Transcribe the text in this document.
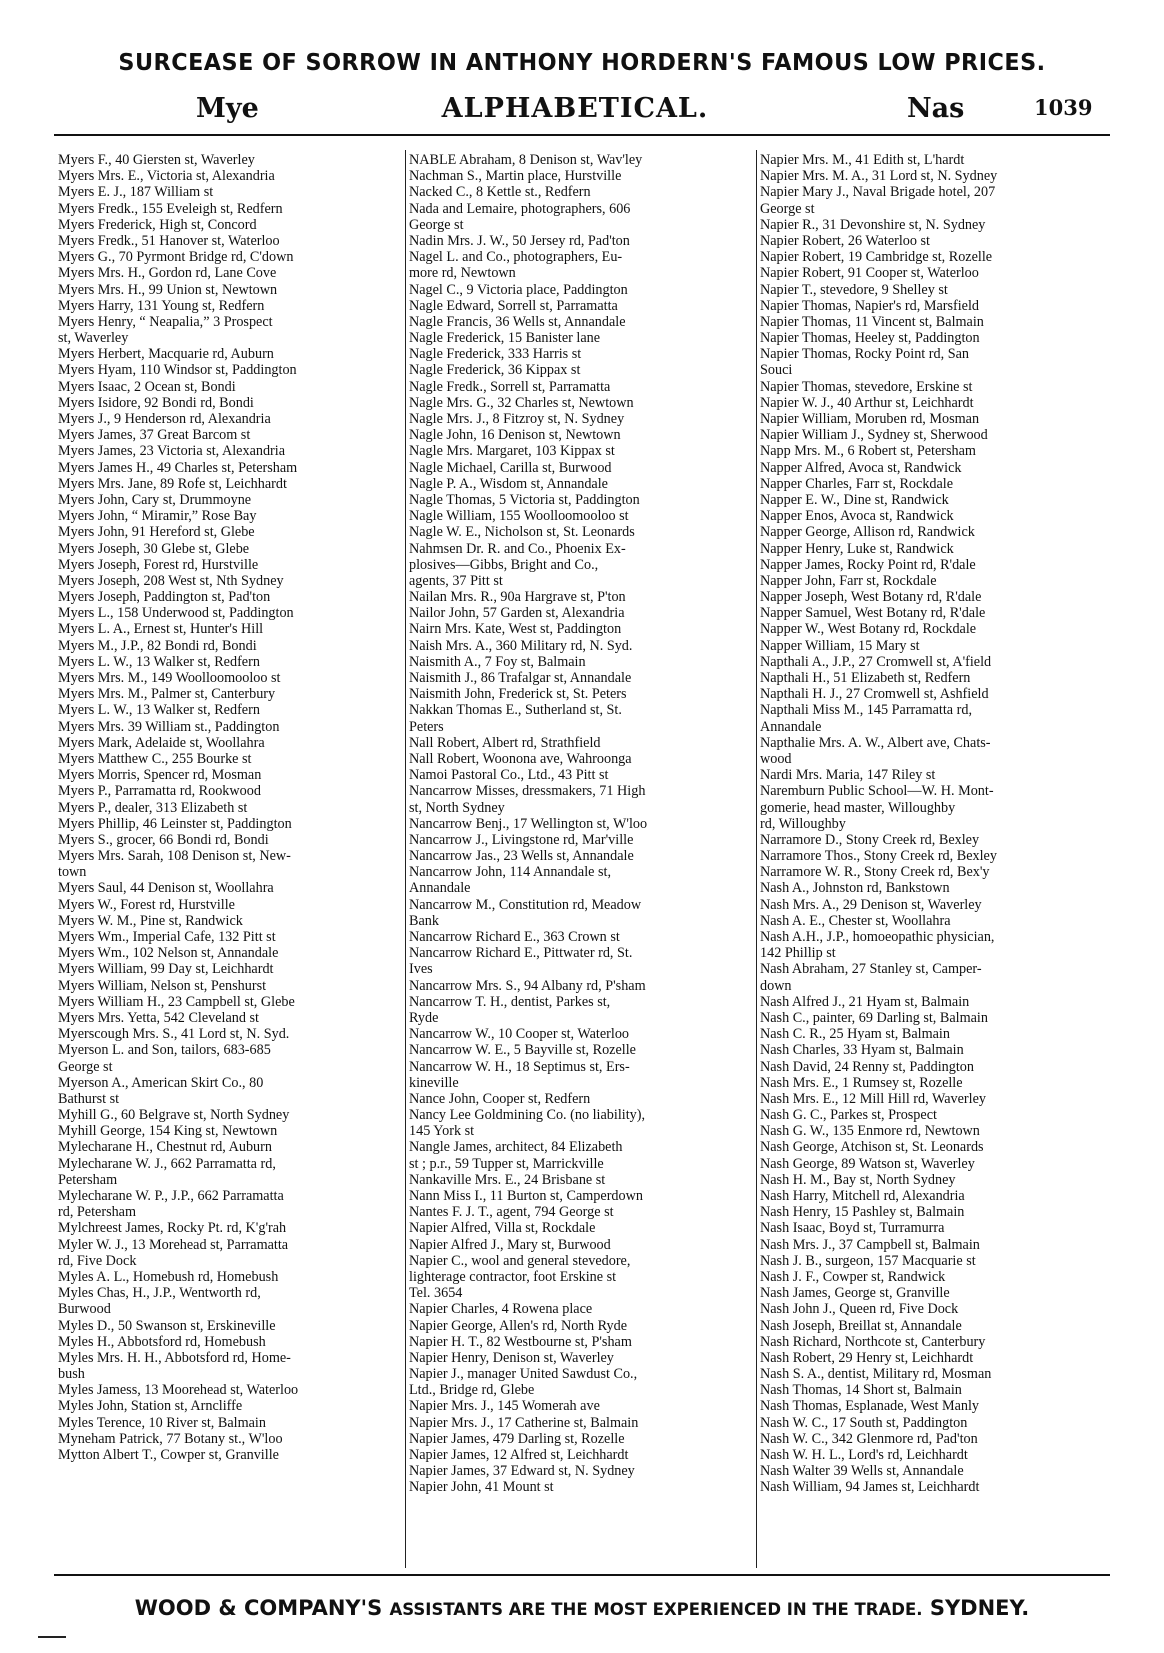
SURCEASE OF SORROW IN ANTHONY HORDERN'S FAMOUS LOW PRICES.
Mye	ALPHABETICAL.	Nas	1039
Myers F., 40 Giersten st, Waverley
Myers Mrs. E., Victoria st, Alexandria
Myers E. J., 187 William st
Myers Fredk., 155 Eveleigh st, Redfern
Myers Frederick, High st, Concord
Myers Fredk., 51 Hanover st, Waterloo
Myers G., 70 Pyrmont Bridge rd, C'down
Myers Mrs. H., Gordon rd, Lane Cove
Myers Mrs. H., 99 Union st, Newtown
Myers Harry, 131 Young st, Redfern
Myers Henry, “ Neapalia,” 3 Prospect
st, Waverley
Myers Herbert, Macquarie rd, Auburn
Myers Hyam, 110 Windsor st, Paddington
Myers Isaac, 2 Ocean st, Bondi
Myers Isidore, 92 Bondi rd, Bondi
Myers J., 9 Henderson rd, Alexandria
Myers James, 37 Great Barcom st
Myers James, 23 Victoria st, Alexandria
Myers James H., 49 Charles st, Petersham
Myers Mrs. Jane, 89 Rofe st, Leichhardt
Myers John, Cary st, Drummoyne
Myers John, “ Miramir,” Rose Bay
Myers John, 91 Hereford st, Glebe
Myers Joseph, 30 Glebe st, Glebe
Myers Joseph, Forest rd, Hurstville
Myers Joseph, 208 West st, Nth Sydney
Myers Joseph, Paddington st, Pad'ton
Myers L., 158 Underwood st, Paddington
Myers L. A., Ernest st, Hunter's Hill
Myers M., J.P., 82 Bondi rd, Bondi
Myers L. W., 13 Walker st, Redfern
Myers Mrs. M., 149 Woolloomooloo st
Myers Mrs. M., Palmer st, Canterbury
Myers L. W., 13 Walker st, Redfern
Myers Mrs. 39 William st., Paddington
Myers Mark, Adelaide st, Woollahra
Myers Matthew C., 255 Bourke st
Myers Morris, Spencer rd, Mosman
Myers P., Parramatta rd, Rookwood
Myers P., dealer, 313 Elizabeth st
Myers Phillip, 46 Leinster st, Paddington
Myers S., grocer, 66 Bondi rd, Bondi
Myers Mrs. Sarah, 108 Denison st, New-
town
Myers Saul, 44 Denison st, Woollahra
Myers W., Forest rd, Hurstville
Myers W. M., Pine st, Randwick
Myers Wm., Imperial Cafe, 132 Pitt st
Myers Wm., 102 Nelson st, Annandale
Myers William, 99 Day st, Leichhardt
Myers William, Nelson st, Penshurst
Myers William H., 23 Campbell st, Glebe
Myers Mrs. Yetta, 542 Cleveland st
Myerscough Mrs. S., 41 Lord st, N. Syd.
Myerson L. and Son, tailors, 683-685
George st
Myerson A., American Skirt Co., 80
Bathurst st
Myhill G., 60 Belgrave st, North Sydney
Myhill George, 154 King st, Newtown
Mylecharane H., Chestnut rd, Auburn
Mylecharane W. J., 662 Parramatta rd,
Petersham
Mylecharane W. P., J.P., 662 Parramatta
rd, Petersham
Mylchreest James, Rocky Pt. rd, K'g'rah
Myler W. J., 13 Morehead st, Parramatta
rd, Five Dock
Myles A. L., Homebush rd, Homebush
Myles Chas, H., J.P., Wentworth rd,
Burwood
Myles D., 50 Swanson st, Erskineville
Myles H., Abbotsford rd, Homebush
Myles Mrs. H. H., Abbotsford rd, Home-
bush
Myles Jamess, 13 Moorehead st, Waterloo
Myles John, Station st, Arncliffe
Myles Terence, 10 River st, Balmain
Myneham Patrick, 77 Botany st., W'loo
Mytton Albert T., Cowper st, Granville
NABLE Abraham, 8 Denison st, Wav'ley
Nachman S., Martin place, Hurstville
Nacked C., 8 Kettle st., Redfern
Nada and Lemaire, photographers, 606
George st
Nadin Mrs. J. W., 50 Jersey rd, Pad'ton
Nagel L. and Co., photographers, Eu-
more rd, Newtown
Nagel C., 9 Victoria place, Paddington
Nagle Edward, Sorrell st, Parramatta
Nagle Francis, 36 Wells st, Annandale
Nagle Frederick, 15 Banister lane
Nagle Frederick, 333 Harris st
Nagle Frederick, 36 Kippax st
Nagle Fredk., Sorrell st, Parramatta
Nagle Mrs. G., 32 Charles st, Newtown
Nagle Mrs. J., 8 Fitzroy st, N. Sydney
Nagle John, 16 Denison st, Newtown
Nagle Mrs. Margaret, 103 Kippax st
Nagle Michael, Carilla st, Burwood
Nagle P. A., Wisdom st, Annandale
Nagle Thomas, 5 Victoria st, Paddington
Nagle William, 155 Woolloomooloo st
Nagle W. E., Nicholson st, St. Leonards
Nahmsen Dr. R. and Co., Phoenix Ex-
plosives—Gibbs, Bright and Co.,
agents, 37 Pitt st
Nailan Mrs. R., 90a Hargrave st, P'ton
Nailor John, 57 Garden st, Alexandria
Nairn Mrs. Kate, West st, Paddington
Naish Mrs. A., 360 Military rd, N. Syd.
Naismith A., 7 Foy st, Balmain
Naismith J., 86 Trafalgar st, Annandale
Naismith John, Frederick st, St. Peters
Nakkan Thomas E., Sutherland st, St.
Peters
Nall Robert, Albert rd, Strathfield
Nall Robert, Woonona ave, Wahroonga
Namoi Pastoral Co., Ltd., 43 Pitt st
Nancarrow Misses, dressmakers, 71 High
st, North Sydney
Nancarrow Benj., 17 Wellington st, W'loo
Nancarrow J., Livingstone rd, Mar'ville
Nancarrow Jas., 23 Wells st, Annandale
Nancarrow John, 114 Annandale st,
Annandale
Nancarrow M., Constitution rd, Meadow
Bank
Nancarrow Richard E., 363 Crown st
Nancarrow Richard E., Pittwater rd, St.
Ives
Nancarrow Mrs. S., 94 Albany rd, P'sham
Nancarrow T. H., dentist, Parkes st,
Ryde
Nancarrow W., 10 Cooper st, Waterloo
Nancarrow W. E., 5 Bayville st, Rozelle
Nancarrow W. H., 18 Septimus st, Ers-
kineville
Nance John, Cooper st, Redfern
Nancy Lee Goldmining Co. (no liability),
145 York st
Nangle James, architect, 84 Elizabeth
st ; p.r., 59 Tupper st, Marrickville
Nankaville Mrs. E., 24 Brisbane st
Nann Miss I., 11 Burton st, Camperdown
Nantes F. J. T., agent, 794 George st
Napier Alfred, Villa st, Rockdale
Napier Alfred J., Mary st, Burwood
Napier C., wool and general stevedore,
lighterage contractor, foot Erskine st
Tel. 3654
Napier Charles, 4 Rowena place
Napier George, Allen's rd, North Ryde
Napier H. T., 82 Westbourne st, P'sham
Napier Henry, Denison st, Waverley
Napier J., manager United Sawdust Co.,
Ltd., Bridge rd, Glebe
Napier Mrs. J., 145 Womerah ave
Napier Mrs. J., 17 Catherine st, Balmain
Napier James, 479 Darling st, Rozelle
Napier James, 12 Alfred st, Leichhardt
Napier James, 37 Edward st, N. Sydney
Napier John, 41 Mount st
Napier Mrs. M., 41 Edith st, L'hardt
Napier Mrs. M. A., 31 Lord st, N. Sydney
Napier Mary J., Naval Brigade hotel, 207
George st
Napier R., 31 Devonshire st, N. Sydney
Napier Robert, 26 Waterloo st
Napier Robert, 19 Cambridge st, Rozelle
Napier Robert, 91 Cooper st, Waterloo
Napier T., stevedore, 9 Shelley st
Napier Thomas, Napier's rd, Marsfield
Napier Thomas, 11 Vincent st, Balmain
Napier Thomas, Heeley st, Paddington
Napier Thomas, Rocky Point rd, San
Souci
Napier Thomas, stevedore, Erskine st
Napier W. J., 40 Arthur st, Leichhardt
Napier William, Moruben rd, Mosman
Napier William J., Sydney st, Sherwood
Napp Mrs. M., 6 Robert st, Petersham
Napper Alfred, Avoca st, Randwick
Napper Charles, Farr st, Rockdale
Napper E. W., Dine st, Randwick
Napper Enos, Avoca st, Randwick
Napper George, Allison rd, Randwick
Napper Henry, Luke st, Randwick
Napper James, Rocky Point rd, R'dale
Napper John, Farr st, Rockdale
Napper Joseph, West Botany rd, R'dale
Napper Samuel, West Botany rd, R'dale
Napper W., West Botany rd, Rockdale
Napper William, 15 Mary st
Napthali A., J.P., 27 Cromwell st, A'field
Napthali H., 51 Elizabeth st, Redfern
Napthali H. J., 27 Cromwell st, Ashfield
Napthali Miss M., 145 Parramatta rd,
Annandale
Napthalie Mrs. A. W., Albert ave, Chats-
wood
Nardi Mrs. Maria, 147 Riley st
Naremburn Public School—W. H. Mont-
gomerie, head master, Willoughby
rd, Willoughby
Narramore D., Stony Creek rd, Bexley
Narramore Thos., Stony Creek rd, Bexley
Narramore W. R., Stony Creek rd, Bex'y
Nash A., Johnston rd, Bankstown
Nash Mrs. A., 29 Denison st, Waverley
Nash A. E., Chester st, Woollahra
Nash A.H., J.P., homoeopathic physician,
142 Phillip st
Nash Abraham, 27 Stanley st, Camper-
down
Nash Alfred J., 21 Hyam st, Balmain
Nash C., painter, 69 Darling st, Balmain
Nash C. R., 25 Hyam st, Balmain
Nash Charles, 33 Hyam st, Balmain
Nash David, 24 Renny st, Paddington
Nash Mrs. E., 1 Rumsey st, Rozelle
Nash Mrs. E., 12 Mill Hill rd, Waverley
Nash G. C., Parkes st, Prospect
Nash G. W., 135 Enmore rd, Newtown
Nash George, Atchison st, St. Leonards
Nash George, 89 Watson st, Waverley
Nash H. M., Bay st, North Sydney
Nash Harry, Mitchell rd, Alexandria
Nash Henry, 15 Pashley st, Balmain
Nash Isaac, Boyd st, Turramurra
Nash Mrs. J., 37 Campbell st, Balmain
Nash J. B., surgeon, 157 Macquarie st
Nash J. F., Cowper st, Randwick
Nash James, George st, Granville
Nash John J., Queen rd, Five Dock
Nash Joseph, Breillat st, Annandale
Nash Richard, Northcote st, Canterbury
Nash Robert, 29 Henry st, Leichhardt
Nash S. A., dentist, Military rd, Mosman
Nash Thomas, 14 Short st, Balmain
Nash Thomas, Esplanade, West Manly
Nash W. C., 17 South st, Paddington
Nash W. C., 342 Glenmore rd, Pad'ton
Nash W. H. L., Lord's rd, Leichhardt
Nash Walter 39 Wells st, Annandale
Nash William, 94 James st, Leichhardt
WOOD & COMPANY'S ASSISTANTS ARE THE MOST EXPERIENCED IN THE TRADE. SYDNEY.
